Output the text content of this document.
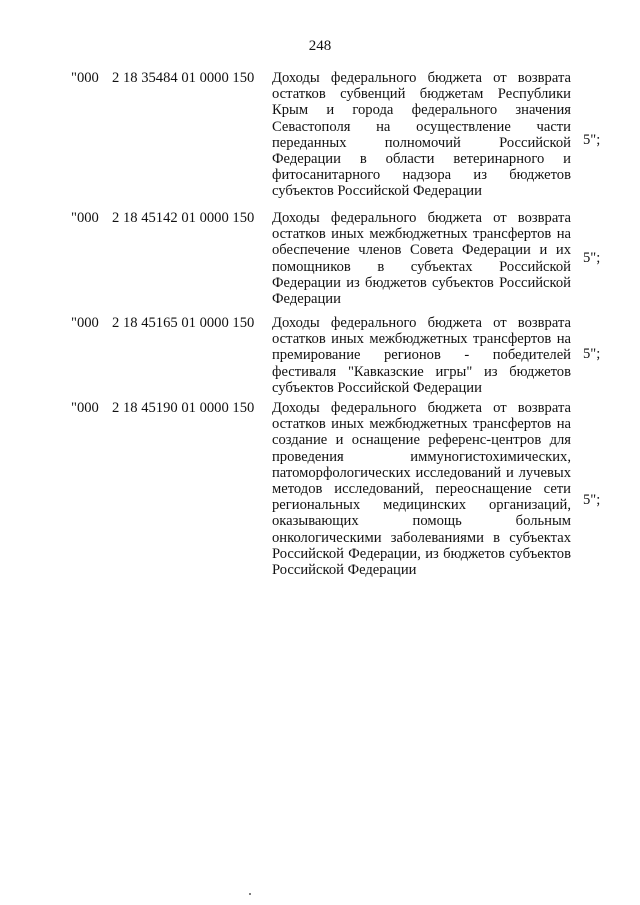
248
"000 2 18 35484 01 0000 150 Доходы федерального бюджета от возврата остатков субвенций бюджетам Республики Крым и города федерального значения Севастополя на осуществление части переданных полномочий Российской Федерации в области ветеринарного и фитосанитарного надзора из бюджетов субъектов Российской Федерации
5";
"000 2 18 45142 01 0000 150 Доходы федерального бюджета от возврата остатков иных межбюджетных трансфертов на обеспечение членов Совета Федерации и их помощников в субъектах Российской Федерации из бюджетов субъектов Российской Федерации
5";
"000 2 18 45165 01 0000 150 Доходы федерального бюджета от возврата остатков иных межбюджетных трансфертов на премирование регионов - победителей фестиваля "Кавказские игры" из бюджетов субъектов Российской Федерации
5";
"000 2 18 45190 01 0000 150 Доходы федерального бюджета от возврата остатков иных межбюджетных трансфертов на создание и оснащение референс-центров для проведения иммуногистохимических, патоморфологических исследований и лучевых методов исследований, переоснащение сети региональных медицинских организаций, оказывающих помощь больным онкологическими заболеваниями в субъектах Российской Федерации, из бюджетов субъектов Российской Федерации
5";
